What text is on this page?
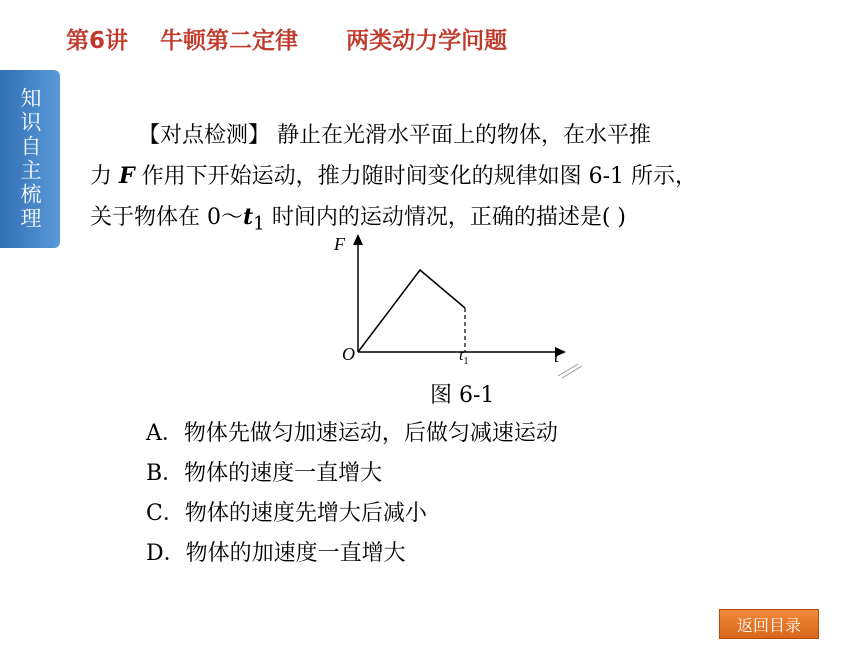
第6讲    牛顿第二定律      两类动力学问题
知识自主梳理	【对点检测】 静止在光滑水平面上的物体，在水平推

力 F 作用下开始运动，推力随时间变化的规律如图 6-1 所示，

关于物体在 $0\sim t_1$ 时间内的运动情况，正确的描述是( )

F
O	$t_1$	t
图 6-1
A．物体先做匀加速运动，后做匀减速运动
B．物体的速度一直增大
C．物体的速度先增大后减小
D．物体的加速度一直增大
返回目录
